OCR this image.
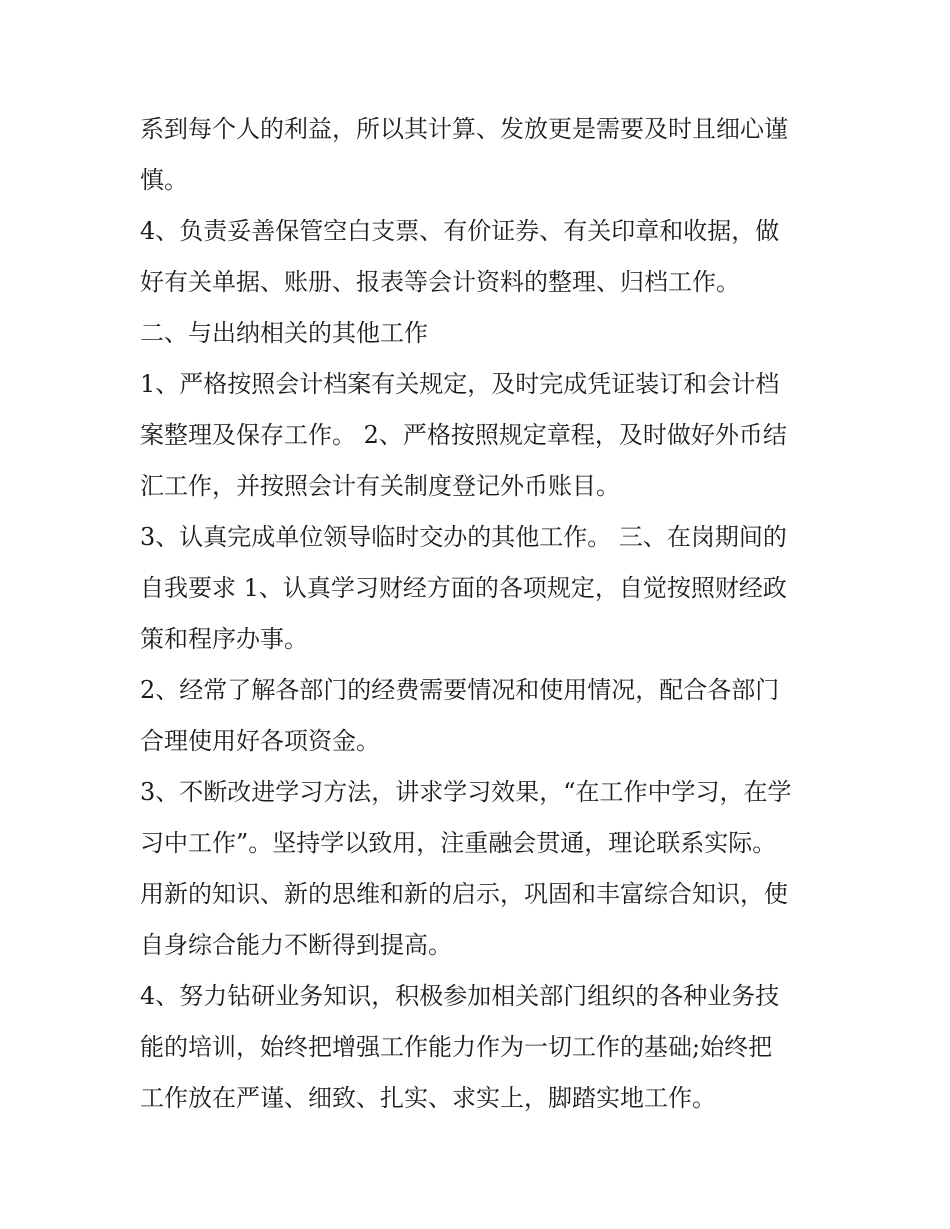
系到每个人的利益，所以其计算、发放更是需要及时且细心谨
慎。
4、负责妥善保管空白支票、有价证券、有关印章和收据，做
好有关单据、账册、报表等会计资料的整理、归档工作。
二、与出纳相关的其他工作
1、严格按照会计档案有关规定，及时完成凭证装订和会计档
案整理及保存工作。 2、严格按照规定章程，及时做好外币结
汇工作，并按照会计有关制度登记外币账目。
3、认真完成单位领导临时交办的其他工作。 三、在岗期间的
自我要求 1、认真学习财经方面的各项规定，自觉按照财经政
策和程序办事。
2、经常了解各部门的经费需要情况和使用情况，配合各部门
合理使用好各项资金。
3、不断改进学习方法，讲求学习效果，“在工作中学习，在学
习中工作”。坚持学以致用，注重融会贯通，理论联系实际。
用新的知识、新的思维和新的启示，巩固和丰富综合知识，使
自身综合能力不断得到提高。
4、努力钻研业务知识，积极参加相关部门组织的各种业务技
能的培训，始终把增强工作能力作为一切工作的基础;始终把
工作放在严谨、细致、扎实、求实上，脚踏实地工作。
